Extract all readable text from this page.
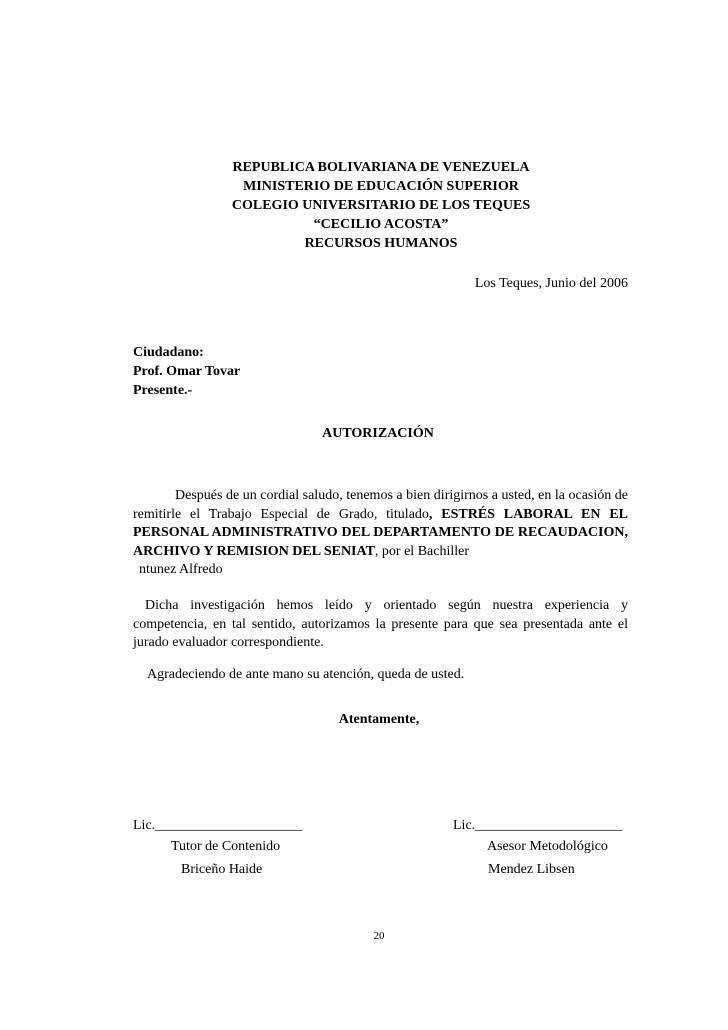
REPUBLICA BOLIVARIANA DE VENEZUELA
MINISTERIO DE EDUCACIÓN SUPERIOR
COLEGIO UNIVERSITARIO DE LOS TEQUES
“CECILIO ACOSTA”
RECURSOS HUMANOS
Los Teques, Junio del 2006
Ciudadano:
Prof. Omar Tovar
Presente.-
AUTORIZACIÓN
Después de un cordial saludo, tenemos a bien dirigirnos a usted, en la ocasión de remitirle el Trabajo Especial de Grado, titulado, ESTRÉS LABORAL EN EL PERSONAL ADMINISTRATIVO DEL DEPARTAMENTO DE RECAUDACION, ARCHIVO Y REMISION DEL SENIAT, por el Bachiller
ntunez Alfredo
Dicha investigación hemos leído y orientado según nuestra experiencia y competencia, en tal sentido, autorizamos la presente para que sea presentada ante el jurado evaluador correspondiente.
Agradeciendo de ante mano su atención, queda de usted.
Atentamente,
Lic._____________________
Tutor de Contenido
Briceño Haide
Lic._____________________
Asesor Metodológico
Mendez Libsen
20
